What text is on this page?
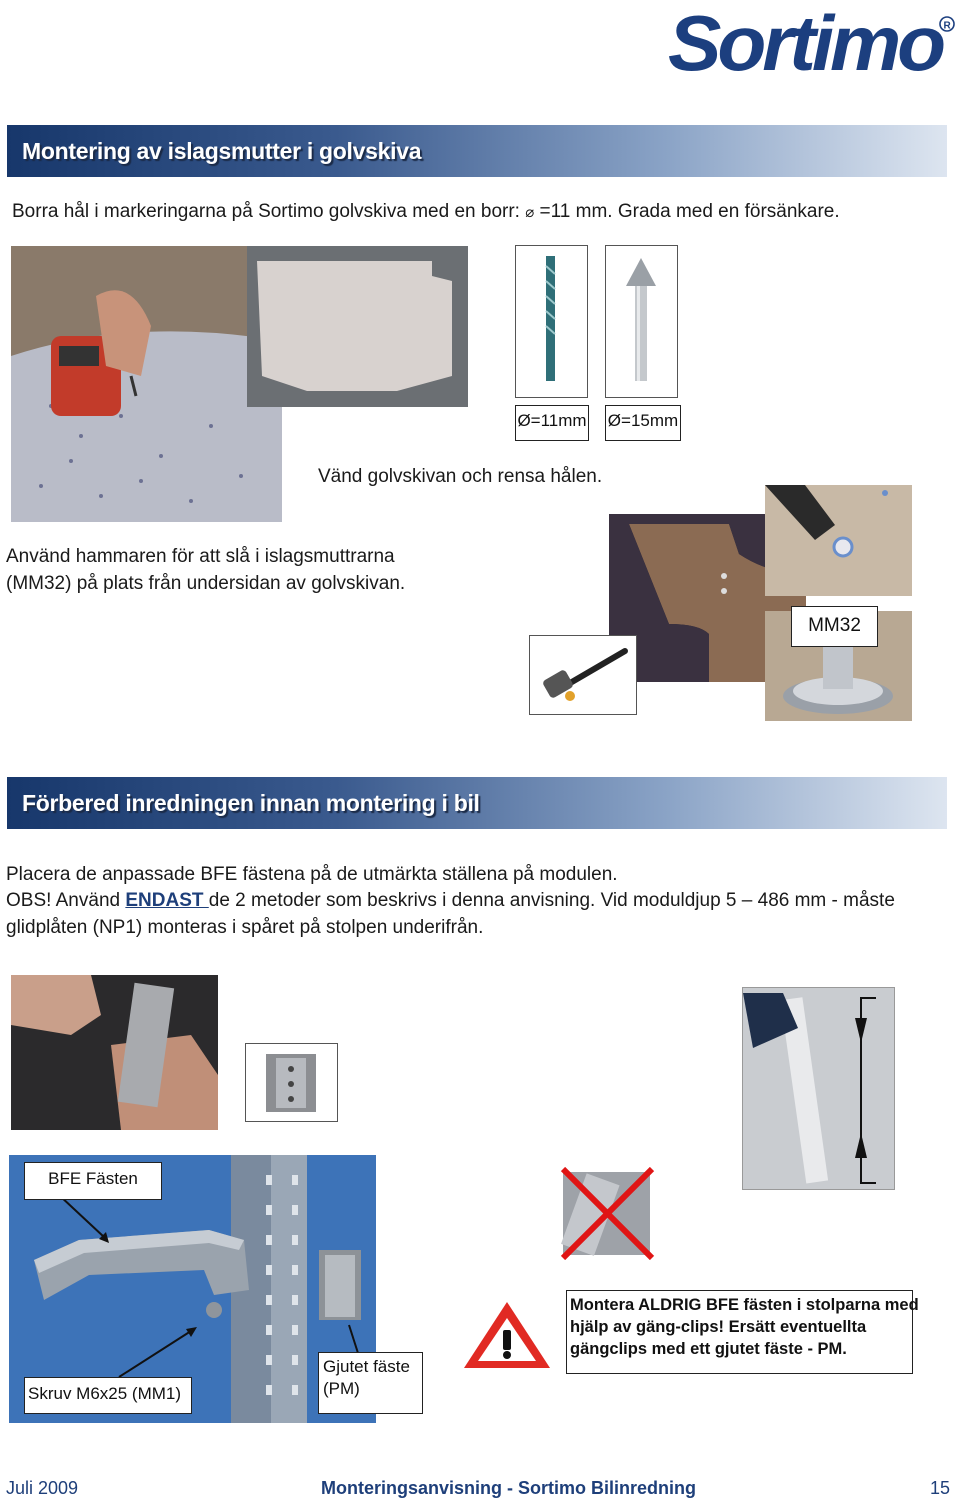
Sortimo R
Montering av islagsmutter i golvskiva
Borra hål i markeringarna på Sortimo golvskiva med en borr: ⌀ =11 mm. Grada med en försänkare.
Ø=11mm Ø=15mm
Vänd golvskivan och rensa hålen.
Använd hammaren för att slå i islagsmuttrarna
(MM32) på plats från undersidan av golvskivan.
MM32
Förbered inredningen innan montering i bil
Placera de anpassade BFE fästena på de utmärkta ställena på modulen.
OBS! Använd ENDAST de 2 metoder som beskrivs i denna anvisning. Vid moduldjup 5 – 486 mm - måste
glidplåten (NP1) monteras i spåret på stolpen underifrån.
BFE Fästen
Skruv M6x25 (MM1)
Gjutet fäste
(PM)
Montera ALDRIG BFE fästen i stolparna med
hjälp av gäng-clips! Ersätt eventuellta
gängclips med ett gjutet fäste - PM.
Juli 2009	Monteringsanvisning - Sortimo Bilinredning	15
